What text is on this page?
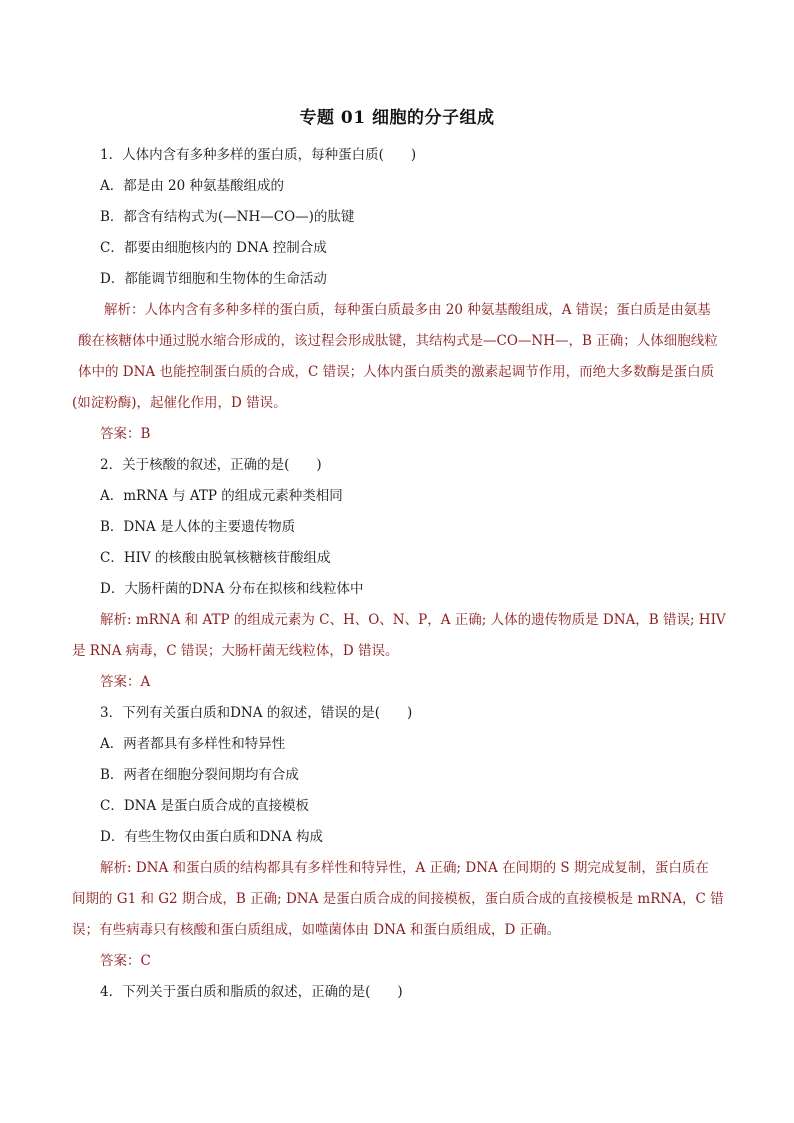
专题 01 细胞的分子组成
1．人体内含有多种多样的蛋白质，每种蛋白质(　　)
A．都是由 20 种氨基酸组成的
B．都含有结构式为(—NH—CO—)的肽键
C．都要由细胞核内的 DNA 控制合成
D．都能调节细胞和生物体的生命活动
解析：人体内含有多种多样的蛋白质，每种蛋白质最多由 20 种氨基酸组成，A 错误；蛋白质是由氨基
酸在核糖体中通过脱水缩合形成的，该过程会形成肽键，其结构式是—CO—NH—，B 正确；人体细胞线粒
体中的 DNA 也能控制蛋白质的合成，C 错误；人体内蛋白质类的激素起调节作用，而绝大多数酶是蛋白质
(如淀粉酶)，起催化作用，D 错误。
答案：B
2．关于核酸的叙述，正确的是(　　)
A．mRNA 与 ATP 的组成元素种类相同
B．DNA 是人体的主要遗传物质
C．HIV 的核酸由脱氧核糖核苷酸组成
D．大肠杆菌的DNA 分布在拟核和线粒体中
解析: mRNA 和 ATP 的组成元素为 C、H、O、N、P，A 正确; 人体的遗传物质是 DNA，B 错误; HIV
是 RNA 病毒，C 错误；大肠杆菌无线粒体，D 错误。
答案：A
3．下列有关蛋白质和DNA 的叙述，错误的是(　　)
A．两者都具有多样性和特异性
B．两者在细胞分裂间期均有合成
C．DNA 是蛋白质合成的直接模板
D．有些生物仅由蛋白质和DNA 构成
解析: DNA 和蛋白质的结构都具有多样性和特异性，A 正确; DNA 在间期的 S 期完成复制，蛋白质在
间期的 G1 和 G2 期合成，B 正确; DNA 是蛋白质合成的间接模板，蛋白质合成的直接模板是 mRNA，C 错
误；有些病毒只有核酸和蛋白质组成，如噬菌体由 DNA 和蛋白质组成，D 正确。
答案：C
4．下列关于蛋白质和脂质的叙述，正确的是(　　)
